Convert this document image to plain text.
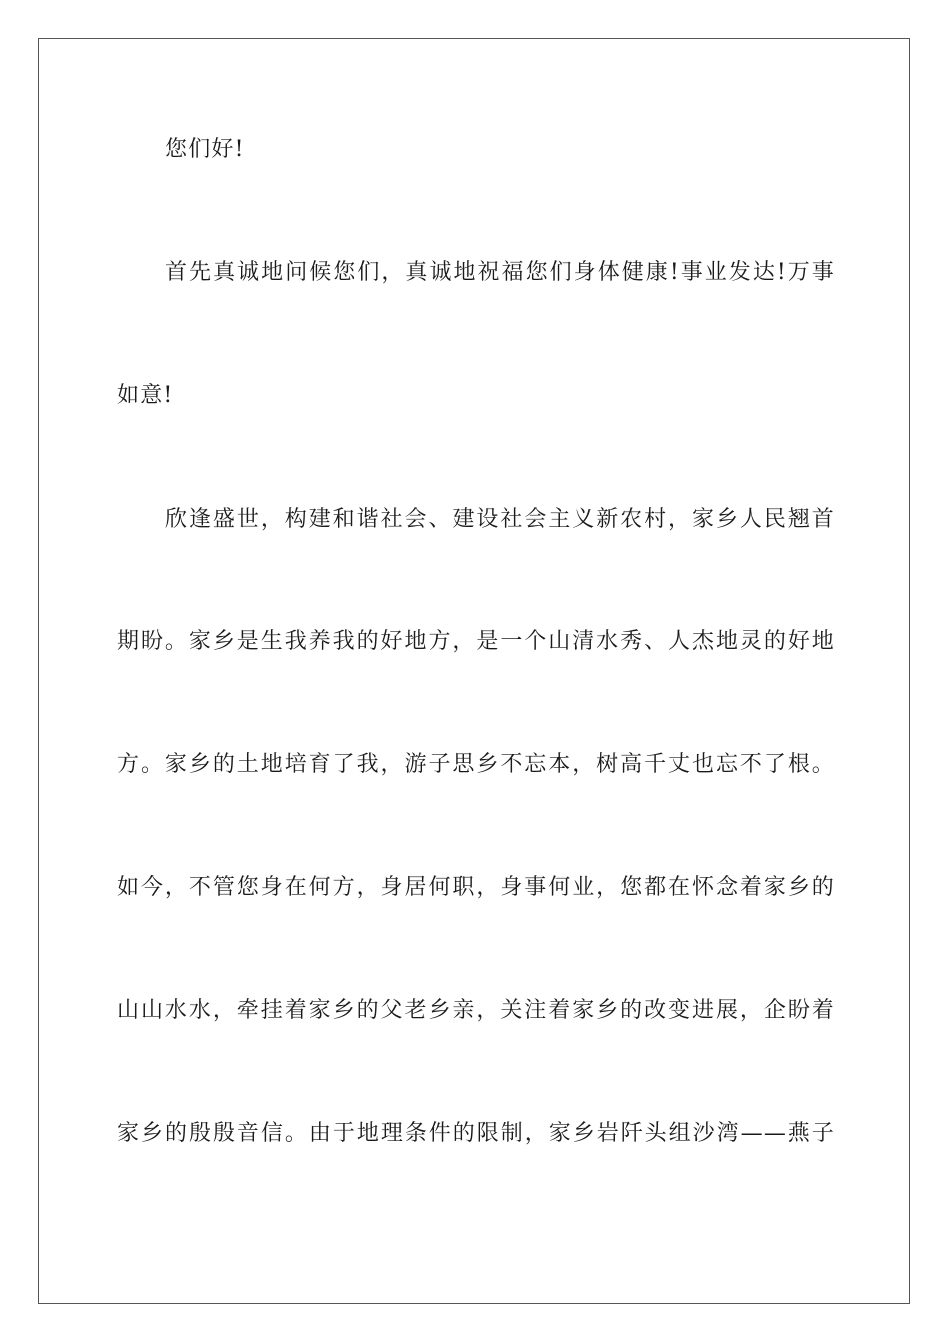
您们好!
首先真诚地问候您们，真诚地祝福您们身体健康!事业发达!万事
如意!
欣逢盛世，构建和谐社会、建设社会主义新农村，家乡人民翘首
期盼。家乡是生我养我的好地方，是一个山清水秀、人杰地灵的好地
方。家乡的土地培育了我，游子思乡不忘本，树高千丈也忘不了根。
如今，不管您身在何方，身居何职，身事何业，您都在怀念着家乡的
山山水水，牵挂着家乡的父老乡亲，关注着家乡的改变进展，企盼着
家乡的殷殷音信。由于地理条件的限制，家乡岩阡头组沙湾——燕子
